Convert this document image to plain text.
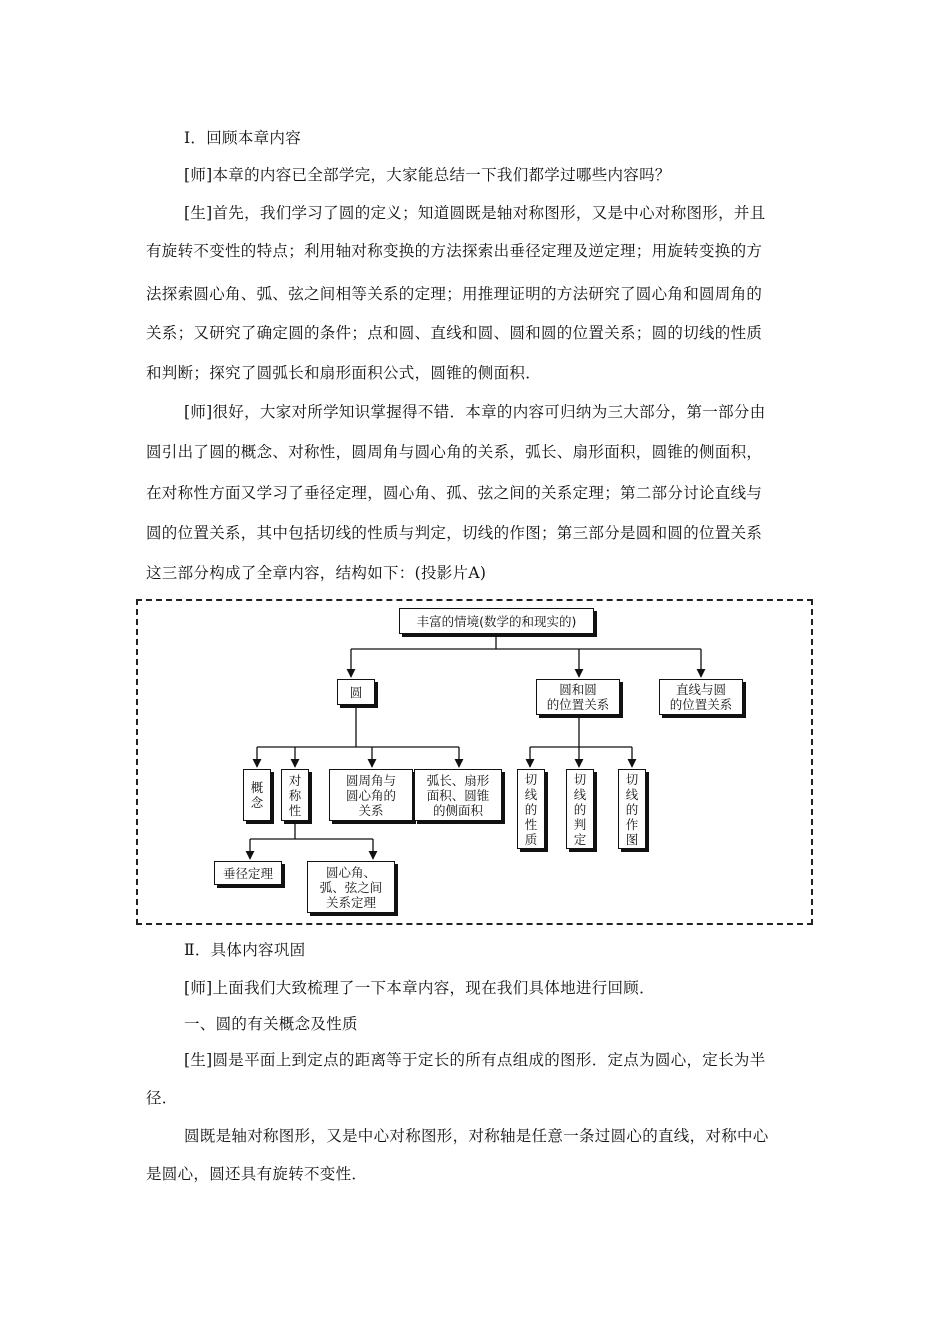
Ⅰ．回顾本章内容
[师]本章的内容已全部学完，大家能总结一下我们都学过哪些内容吗？
[生]首先，我们学习了圆的定义；知道圆既是轴对称图形，又是中心对称图形，并且
有旋转不变性的特点；利用轴对称变换的方法探索出垂径定理及逆定理；用旋转变换的方
法探索圆心角、弧、弦之间相等关系的定理；用推理证明的方法研究了圆心角和圆周角的
关系；又研究了确定圆的条件；点和圆、直线和圆、圆和圆的位置关系；圆的切线的性质
和判断；探究了圆弧长和扇形面积公式，圆锥的侧面积．
[师]很好，大家对所学知识掌握得不错．本章的内容可归纳为三大部分，第一部分由
圆引出了圆的概念、对称性，圆周角与圆心角的关系，弧长、扇形面积，圆锥的侧面积，
在对称性方面又学习了垂径定理，圆心角、孤、弦之间的关系定理；第二部分讨论直线与
圆的位置关系，其中包括切线的性质与判定，切线的作图；第三部分是圆和圆的位置关系
这三部分构成了全章内容，结构如下：(投影片A)
丰富的情境(数学的和现实的)
圆	圆和圆
的位置关系
直线与圆
的位置关系
概念
对称性
圆周角与
圆心角的
关系
弧长、扇形
面积、圆锥
的侧面积
切线的性质
切线的判定
切线的作图
垂径定理	圆心角、
弧、弦之间
关系定理
Ⅱ．具体内容巩固
[师]上面我们大致梳理了一下本章内容，现在我们具体地进行回顾．
一、圆的有关概念及性质
[生]圆是平面上到定点的距离等于定长的所有点组成的图形．定点为圆心，定长为半
径．
圆既是轴对称图形，又是中心对称图形，对称轴是任意一条过圆心的直线，对称中心
是圆心，圆还具有旋转不变性．
